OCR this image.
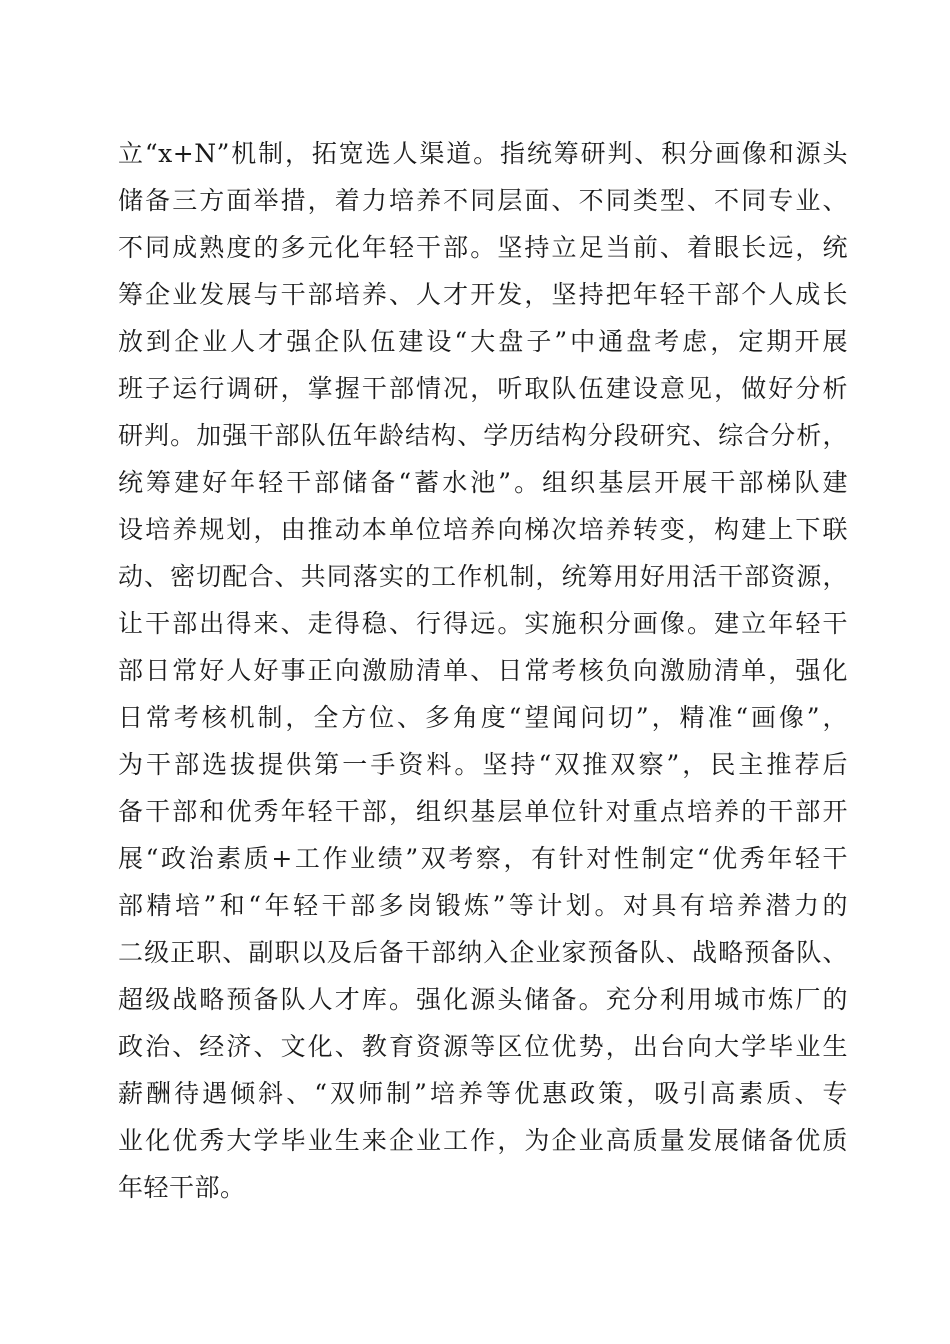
立“x+N”机制，拓宽选人渠道。指统筹研判、积分画像和源头
储备三方面举措，着力培养不同层面、不同类型、不同专业、
不同成熟度的多元化年轻干部。坚持立足当前、着眼长远，统
筹企业发展与干部培养、人才开发，坚持把年轻干部个人成长
放到企业人才强企队伍建设“大盘子”中通盘考虑，定期开展
班子运行调研，掌握干部情况，听取队伍建设意见，做好分析
研判。加强干部队伍年龄结构、学历结构分段研究、综合分析，
统筹建好年轻干部储备“蓄水池”。组织基层开展干部梯队建
设培养规划，由推动本单位培养向梯次培养转变，构建上下联
动、密切配合、共同落实的工作机制，统筹用好用活干部资源，
让干部出得来、走得稳、行得远。实施积分画像。建立年轻干
部日常好人好事正向激励清单、日常考核负向激励清单，强化
日常考核机制，全方位、多角度“望闻问切”，精准“画像”，
为干部选拔提供第一手资料。坚持“双推双察”，民主推荐后
备干部和优秀年轻干部，组织基层单位针对重点培养的干部开
展“政治素质+工作业绩”双考察，有针对性制定“优秀年轻干
部精培”和“年轻干部多岗锻炼”等计划。对具有培养潜力的
二级正职、副职以及后备干部纳入企业家预备队、战略预备队、
超级战略预备队人才库。强化源头储备。充分利用城市炼厂的
政治、经济、文化、教育资源等区位优势，出台向大学毕业生
薪酬待遇倾斜、“双师制”培养等优惠政策，吸引高素质、专
业化优秀大学毕业生来企业工作，为企业高质量发展储备优质
年轻干部。
